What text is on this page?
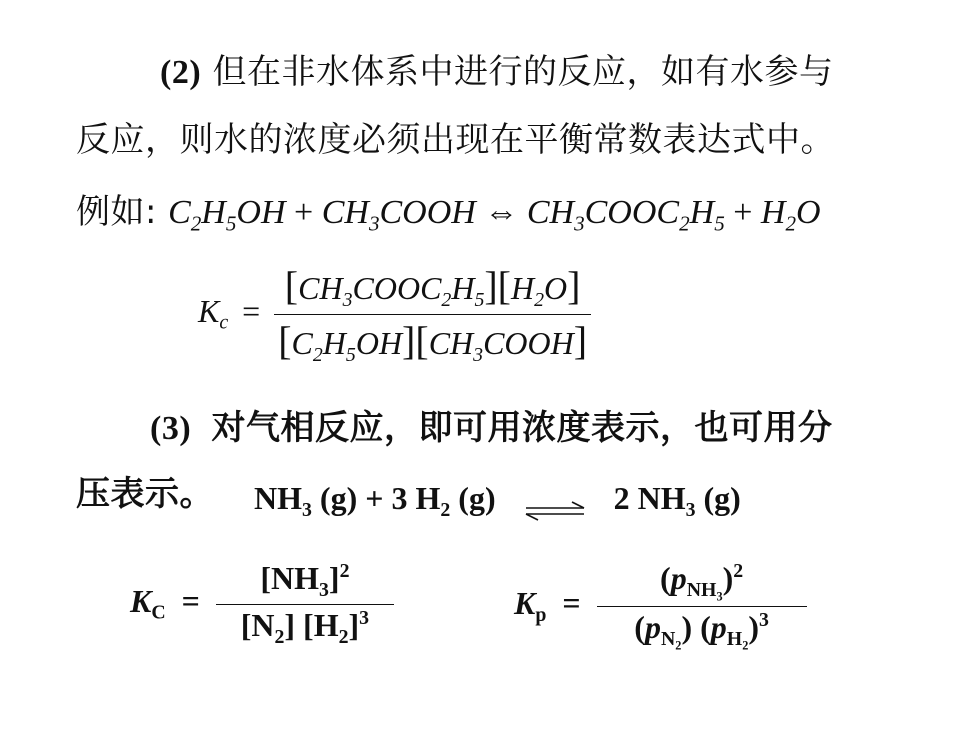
(2) 但在非水体系中进行的反应，如有水参与
反应，则水的浓度必须出现在平衡常数表达式中。
例如: $C_2H_5OH$ + $CH_3COOH$ ⇔ $CH_3COOC_2H_5 + H_2O$
$K_c = \frac{[CH_3COOC_2H_5][H_2O]}{[C_2H_5OH][CH_3COOH]}$
(3) 对气相反应，即可用浓度表示，也可用分
压表示。 $NH_3$ (g) + 3 $H_2$ (g)	2 $NH_3$ (g)
$K_C = \frac{[NH_3]^2}{[N_2] [H_2]^3}$	$K_p = \frac{(p_{NH_3})^2}{(p_{N_2}) (p_{H_2})^3}$
